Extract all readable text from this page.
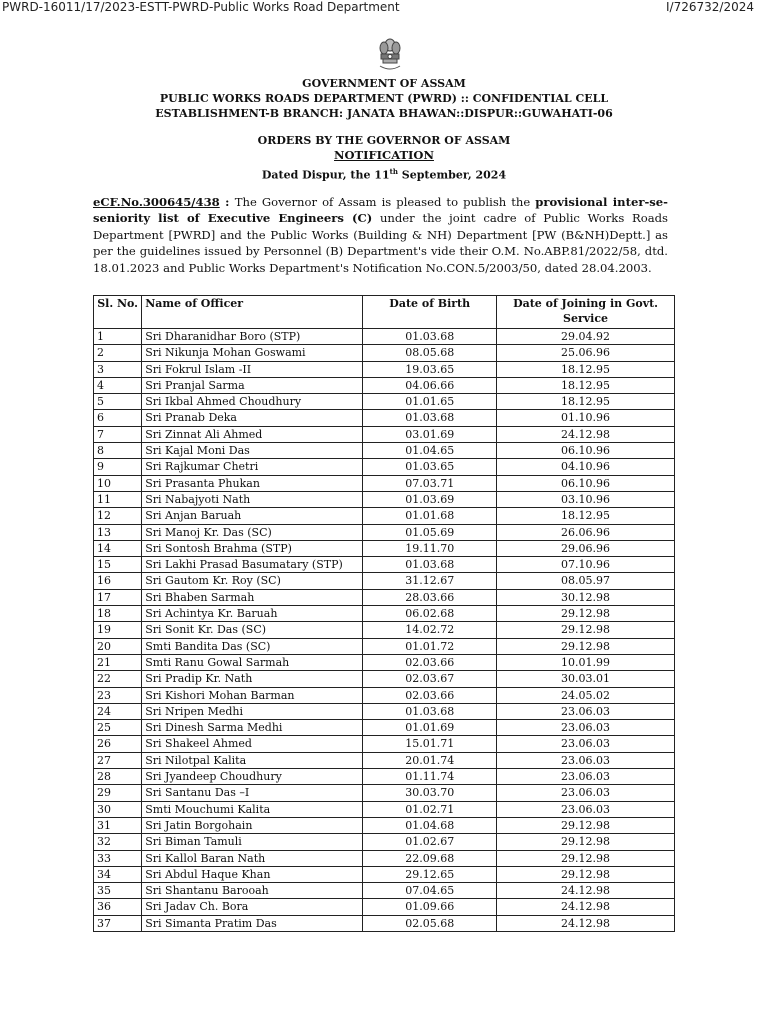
PWRD-16011/17/2023-ESTT-PWRD-Public Works Road Department	I/726732/2024
GOVERNMENT OF ASSAM
PUBLIC WORKS ROADS DEPARTMENT (PWRD) :: CONFIDENTIAL CELL
ESTABLISHMENT-B BRANCH: JANATA BHAWAN::DISPUR::GUWAHATI-06
ORDERS BY THE GOVERNOR OF ASSAM
NOTIFICATION
Dated Dispur, the 11th September, 2024
eCF.No.300645/438 : The Governor of Assam is pleased to publish the provisional inter-se-seniority list of Executive Engineers (C) under the joint cadre of Public Works Roads Department [PWRD] and the Public Works (Building & NH) Department [PW (B&NH)Deptt.] as per the guidelines issued by Personnel (B) Department's vide their O.M. No.ABP.81/2022/58, dtd. 18.01.2023 and Public Works Department's Notification No.CON.5/2003/50, dated 28.04.2003.
Sl. No.	Name of Officer	Date of Birth	Date of Joining in Govt. Service
1	Sri Dharanidhar Boro (STP)	01.03.68	29.04.92
2	Sri Nikunja Mohan Goswami	08.05.68	25.06.96
3	Sri Fokrul Islam -II	19.03.65	18.12.95
4	Sri Pranjal Sarma	04.06.66	18.12.95
5	Sri Ikbal Ahmed Choudhury	01.01.65	18.12.95
6	Sri Pranab Deka	01.03.68	01.10.96
7	Sri Zinnat Ali Ahmed	03.01.69	24.12.98
8	Sri Kajal Moni Das	01.04.65	06.10.96
9	Sri Rajkumar Chetri	01.03.65	04.10.96
10	Sri Prasanta Phukan	07.03.71	06.10.96
11	Sri Nabajyoti Nath	01.03.69	03.10.96
12	Sri Anjan Baruah	01.01.68	18.12.95
13	Sri Manoj Kr. Das (SC)	01.05.69	26.06.96
14	Sri Sontosh Brahma (STP)	19.11.70	29.06.96
15	Sri Lakhi Prasad Basumatary (STP)	01.03.68	07.10.96
16	Sri Gautom Kr. Roy (SC)	31.12.67	08.05.97
17	Sri Bhaben Sarmah	28.03.66	30.12.98
18	Sri Achintya Kr. Baruah	06.02.68	29.12.98
19	Sri Sonit Kr. Das (SC)	14.02.72	29.12.98
20	Smti Bandita Das (SC)	01.01.72	29.12.98
21	Smti Ranu Gowal Sarmah	02.03.66	10.01.99
22	Sri Pradip Kr. Nath	02.03.67	30.03.01
23	Sri Kishori Mohan Barman	02.03.66	24.05.02
24	Sri Nripen Medhi	01.03.68	23.06.03
25	Sri Dinesh Sarma Medhi	01.01.69	23.06.03
26	Sri Shakeel Ahmed	15.01.71	23.06.03
27	Sri Nilotpal Kalita	20.01.74	23.06.03
28	Sri Jyandeep Choudhury	01.11.74	23.06.03
29	Sri Santanu Das –I	30.03.70	23.06.03
30	Smti Mouchumi Kalita	01.02.71	23.06.03
31	Sri Jatin Borgohain	01.04.68	29.12.98
32	Sri Biman Tamuli	01.02.67	29.12.98
33	Sri Kallol Baran Nath	22.09.68	29.12.98
34	Sri Abdul Haque Khan	29.12.65	29.12.98
35	Sri Shantanu Barooah	07.04.65	24.12.98
36	Sri Jadav Ch. Bora	01.09.66	24.12.98
37	Sri Simanta Pratim Das	02.05.68	24.12.98
